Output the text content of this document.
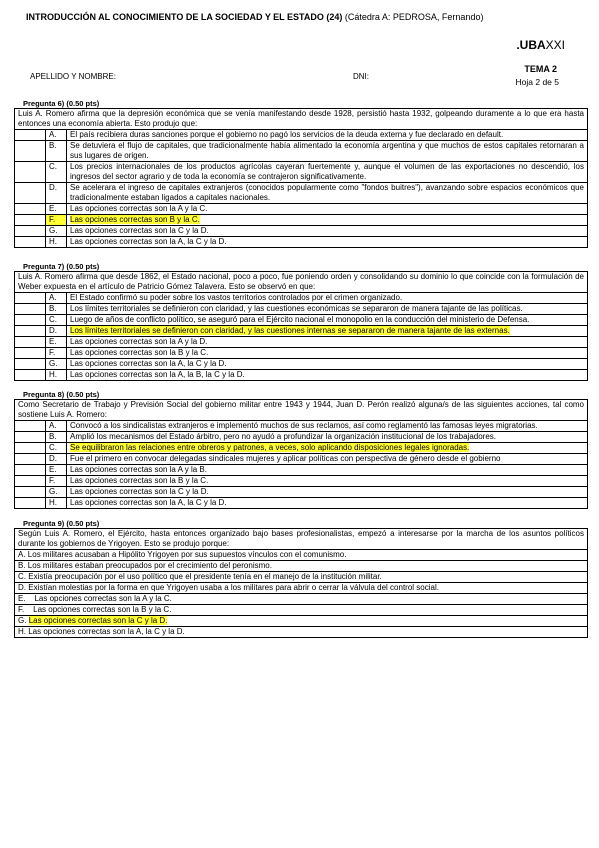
INTRODUCCIÓN AL CONOCIMIENTO DE LA SOCIEDAD Y EL ESTADO (24) (Cátedra A: PEDROSA, Fernando)
.UBAXXI
TEMA 2
Hoja 2 de 5
APELLIDO Y NOMBRE:	DNI:
Pregunta 6) (0.50 pts)
Luis A. Romero afirma que la depresión económica que se venía manifestando desde 1928, persistió hasta 1932, golpeando duramente a lo que era hasta entonces una economía abierta. Esto produjo que:		
	A.	El país recibiera duras sanciones porque el gobierno no pagó los servicios de la deuda externa y fue declarado en default.
	B.	Se detuviera el flujo de capitales, que tradicionalmente había alimentado la economía argentina y que muchos de estos capitales retornaran a sus lugares de origen.
	C.	Los precios internacionales de los productos agrícolas cayeran fuertemente y, aunque el volumen de las exportaciones no descendió, los ingresos del sector agrario y de toda la economía se contrajeron significativamente.
	D.	Se acelerara el ingreso de capitales extranjeros (conocidos popularmente como "fondos buitres"), avanzando sobre espacios económicos que tradicionalmente estaban ligados a capitales nacionales.
	E.	Las opciones correctas son la A y la C.
	F.	Las opciones correctas son B y la C.
	G.	Las opciones correctas son la C y la D.
	H.	Las opciones correctas son la A, la C y la D.
Pregunta 7) (0.50 pts)
Luis A. Romero afirma que desde 1862, el Estado nacional, poco a poco, fue poniendo orden y consolidando su dominio lo que coincide con la formulación de Weber expuesta en el artículo de Patricio Gómez Talavera. Esto se observó en que:		
	A.	El Estado confirmó su poder sobre los vastos territorios controlados por el crimen organizado.
	B.	Los límites territoriales se definieron con claridad, y las cuestiones económicas se separaron de manera tajante de las políticas.
	C.	Luego de años de conflicto político, se aseguró para el Ejército nacional el monopolio en la conducción del ministerio de Defensa.
	D.	Los límites territoriales se definieron con claridad, y las cuestiones internas se separaron de manera tajante de las externas.
	E.	Las opciones correctas son la A y la D.
	F.	Las opciones correctas son la B y la C.
	G.	Las opciones correctas son la A, la C y la D.
	H.	Las opciones correctas son la A, la B, la C y la D.
Pregunta 8) (0.50 pts)
Como Secretario de Trabajo y Previsión Social del gobierno militar entre 1943 y 1944, Juan D. Perón realizó alguna/s de las siguientes acciones, tal como sostiene Luis A. Romero:		
	A.	Convocó a los sindicalistas extranjeros e implementó muchos de sus reclamos, así como reglamentó las famosas leyes migratorias.
	B.	Amplió los mecanismos del Estado árbitro, pero no ayudó a profundizar la organización institucional de los trabajadores.
	C.	Se equilibraron las relaciones entre obreros y patrones, a veces, solo aplicando disposiciones legales ignoradas.
	D.	Fue el primero en convocar delegadas sindicales mujeres y aplicar políticas con perspectiva de género desde el gobierno
	E.	Las opciones correctas son la A y la B.
	F.	Las opciones correctas son la B y la C.
	G.	Las opciones correctas son la C y la D.
	H.	Las opciones correctas son la A, la C y la D.
Pregunta 9) (0.50 pts)
Según Luis A. Romero, el Ejército, hasta entonces organizado bajo bases profesionalistas, empezó a interesarse por la marcha de los asuntos políticos durante los gobiernos de Yrigoyen. Esto se produjo porque:
A. Los militares acusaban a Hipólito Yrigoyen por sus supuestos vínculos con el comunismo.
B. Los militares estaban preocupados por el crecimiento del peronismo.
C. Existía preocupación por el uso político que el presidente tenía en el manejo de la institución militar.
D. Existían molestias por la forma en que Yrigoyen usaba a los militares para abrir o cerrar la válvula del control social.
E. Las opciones correctas son la A y la C.
F. Las opciones correctas son la B y la C.
G. Las opciones correctas son la C y la D.
H. Las opciones correctas son la A, la C y la D.
